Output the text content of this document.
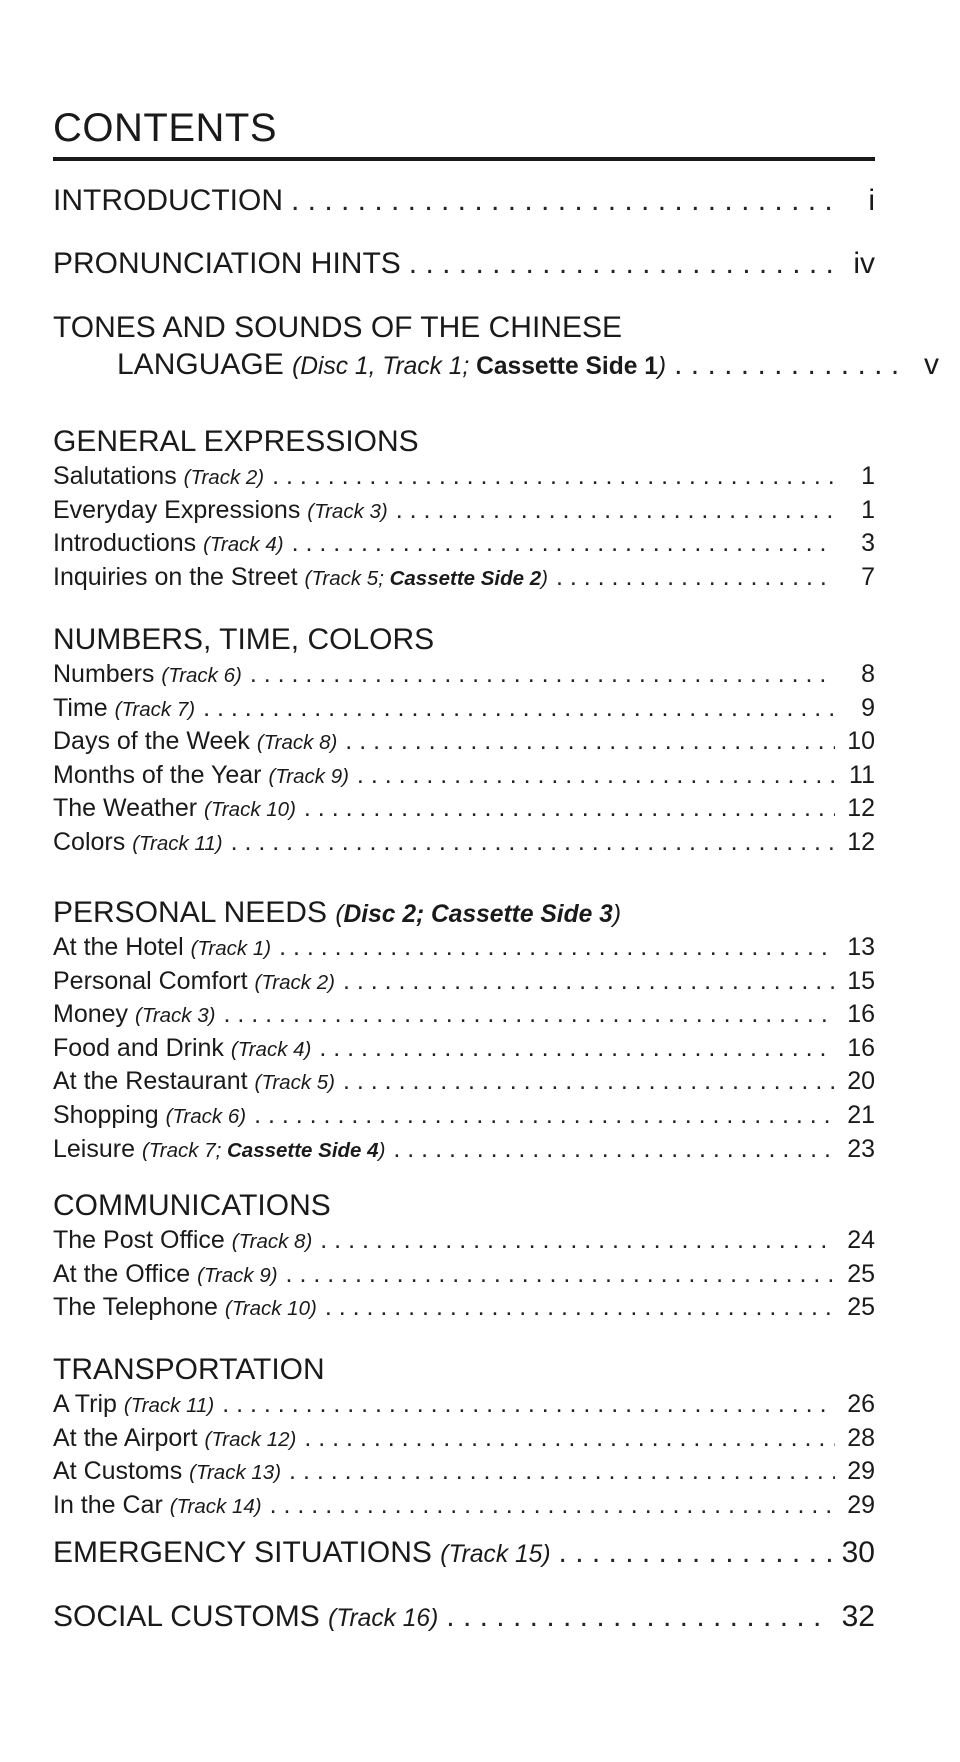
CONTENTS
INTRODUCTION . . .	i
PRONUNCIATION HINTS . . .	iv
TONES AND SOUNDS OF THE CHINESE
LANGUAGE (Disc 1, Track 1; Cassette Side 1) . . .	v
GENERAL EXPRESSIONS
Salutations (Track 2) . . .	1
Everyday Expressions (Track 3) . . .	1
Introductions (Track 4) . . .	3
Inquiries on the Street (Track 5; Cassette Side 2) . . .	7
NUMBERS, TIME, COLORS
Numbers (Track 6) . . .	8
Time (Track 7) . . .	9
Days of the Week (Track 8) . . .	10
Months of the Year (Track 9) . . .	11
The Weather (Track 10) . . .	12
Colors (Track 11) . . .	12
PERSONAL NEEDS (Disc 2; Cassette Side 3)
At the Hotel (Track 1) . . .	13
Personal Comfort (Track 2) . . .	15
Money (Track 3) . . .	16
Food and Drink (Track 4) . . .	16
At the Restaurant (Track 5) . . .	20
Shopping (Track 6) . . .	21
Leisure (Track 7; Cassette Side 4) . . .	23
COMMUNICATIONS
The Post Office (Track 8) . . .	24
At the Office (Track 9) . . .	25
The Telephone (Track 10) . . .	25
TRANSPORTATION
A Trip (Track 11) . . .	26
At the Airport (Track 12) . . .	28
At Customs (Track 13) . . .	29
In the Car (Track 14) . . .	29
EMERGENCY SITUATIONS (Track 15) . . .	30
SOCIAL CUSTOMS (Track 16) . . .	32
